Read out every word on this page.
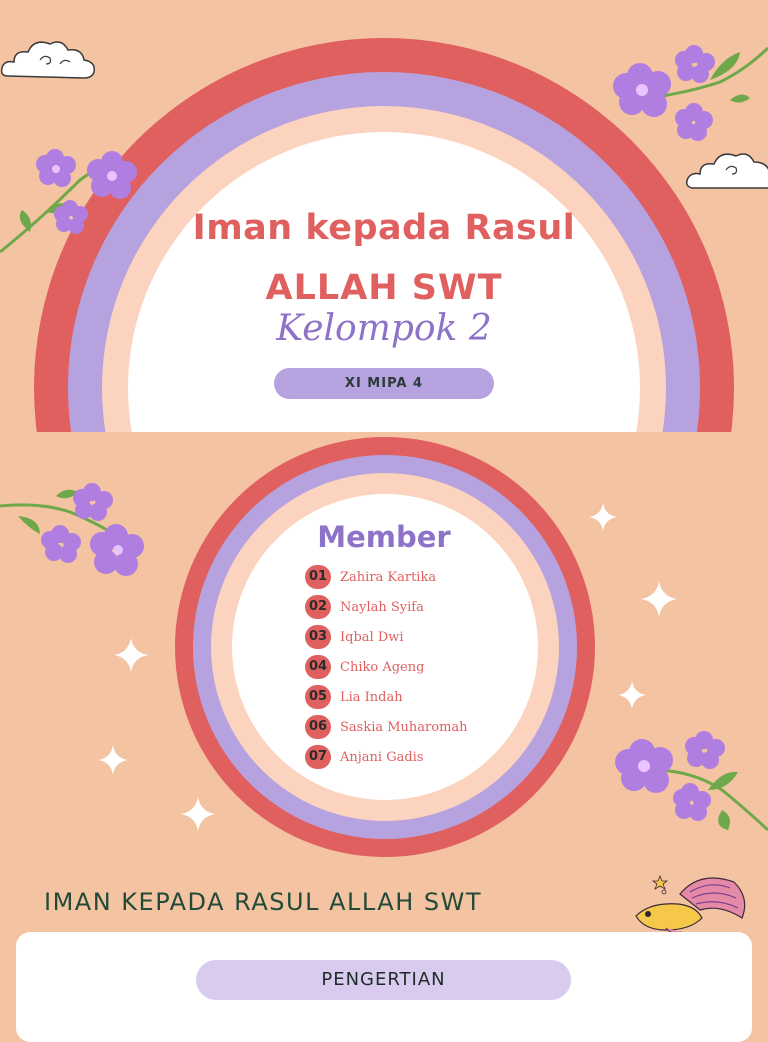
Iman kepada Rasul
ALLAH SWT
Kelompok 2
XI MIPA 4
Member
01 Zahira Kartika
02 Naylah Syifa
03 Iqbal Dwi
04 Chiko Ageng
05 Lia Indah
06 Saskia Muharomah
07 Anjani Gadis
IMAN KEPADA RASUL ALLAH SWT
PENGERTIAN
